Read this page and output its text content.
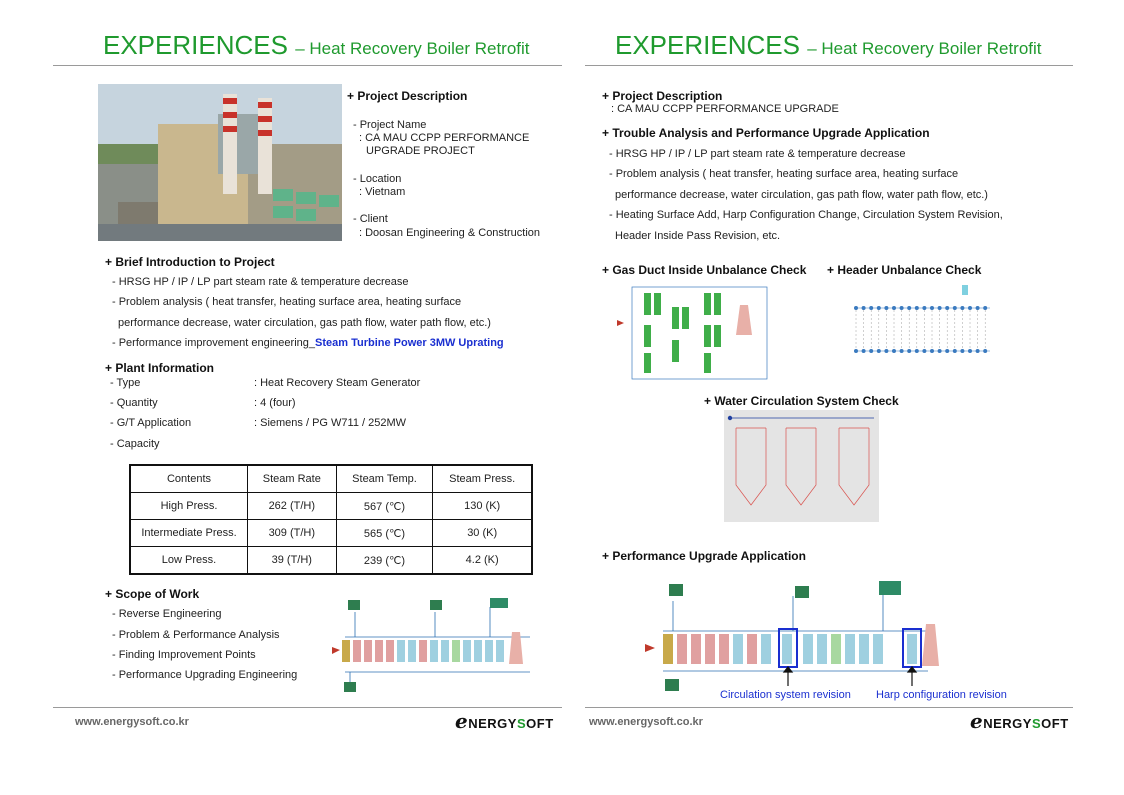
EXPERIENCES – Heat Recovery Boiler Retrofit
+ Project Description
- Project Name
: CA MAU CCPP PERFORMANCE
UPGRADE PROJECT
- Location
: Vietnam
- Client
: Doosan Engineering & Construction
+ Brief Introduction to Project
- HRSG HP / IP / LP part steam rate & temperature decrease
- Problem analysis ( heat transfer, heating surface area, heating surface
performance decrease, water circulation, gas path flow, water path flow, etc.)
- Performance improvement engineering_Steam Turbine Power 3MW Uprating
+ Plant Information
- Type	: Heat Recovery Steam Generator
- Quantity	: 4 (four)
- G/T Application	: Siemens / PG W711 / 252MW
- Capacity
Contents	Steam Rate	Steam Temp.	Steam Press.
High Press.	262 (T/H)	567 (℃)	130 (K)
Intermediate Press.	309 (T/H)	565 (℃)	30 (K)
Low Press.	39 (T/H)	239 (℃)	4.2 (K)
+ Scope of Work
- Reverse Engineering
- Problem & Performance Analysis
- Finding Improvement Points
- Performance Upgrading Engineering
www.energysoft.co.kr	eNERGYSOFT
EXPERIENCES – Heat Recovery Boiler Retrofit
+ Project Description
: CA MAU CCPP PERFORMANCE UPGRADE
+ Trouble Analysis and Performance Upgrade Application
- HRSG HP / IP / LP part steam rate & temperature decrease
- Problem analysis ( heat transfer, heating surface area, heating surface
performance decrease, water circulation, gas path flow, water path flow, etc.)
- Heating Surface Add, Harp Configuration Change, Circulation System Revision,
Header Inside Pass Revision, etc.
+ Gas Duct Inside Unbalance Check + Header Unbalance Check
+ Water Circulation System Check
+ Performance Upgrade Application
Circulation system revision Harp configuration revision
www.energysoft.co.kr	eNERGYSOFT
